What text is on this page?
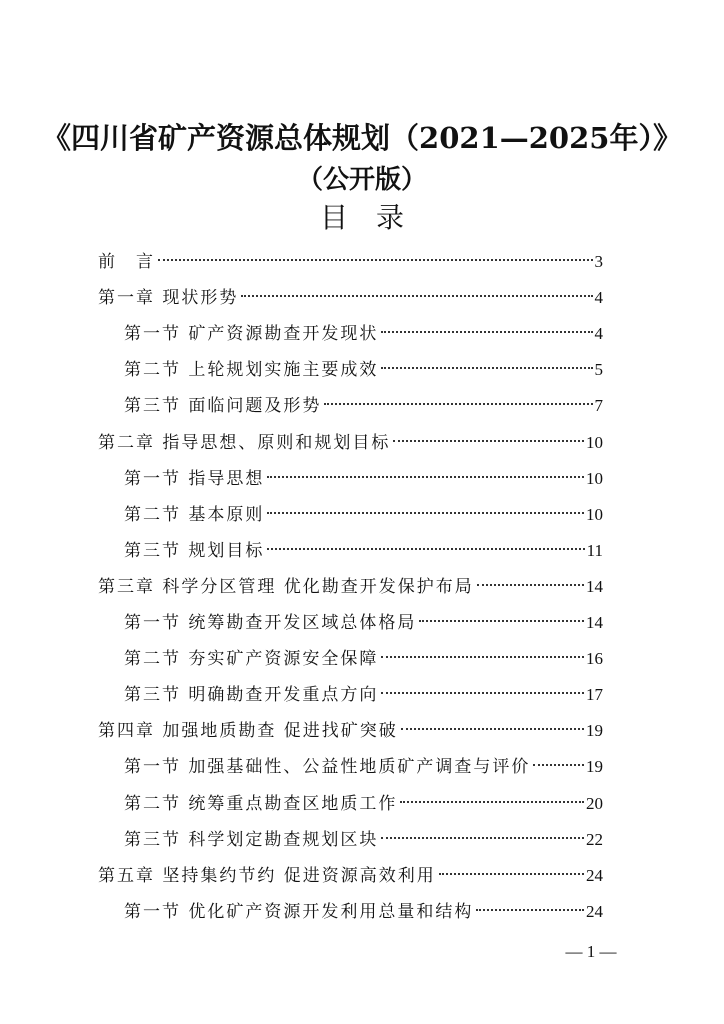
《四川省矿产资源总体规划（2021—2025年）》
（公开版）
目　录
前　言	3
第一章 现状形势	4
第一节 矿产资源勘查开发现状	4
第二节 上轮规划实施主要成效	5
第三节 面临问题及形势	7
第二章 指导思想、原则和规划目标	10
第一节 指导思想	10
第二节 基本原则	10
第三节 规划目标	11
第三章 科学分区管理 优化勘查开发保护布局	14
第一节 统筹勘查开发区域总体格局	14
第二节 夯实矿产资源安全保障	16
第三节 明确勘查开发重点方向	17
第四章 加强地质勘查 促进找矿突破	19
第一节 加强基础性、公益性地质矿产调查与评价	19
第二节 统筹重点勘查区地质工作	20
第三节 科学划定勘查规划区块	22
第五章 坚持集约节约 促进资源高效利用	24
第一节 优化矿产资源开发利用总量和结构	24
— 1 —
